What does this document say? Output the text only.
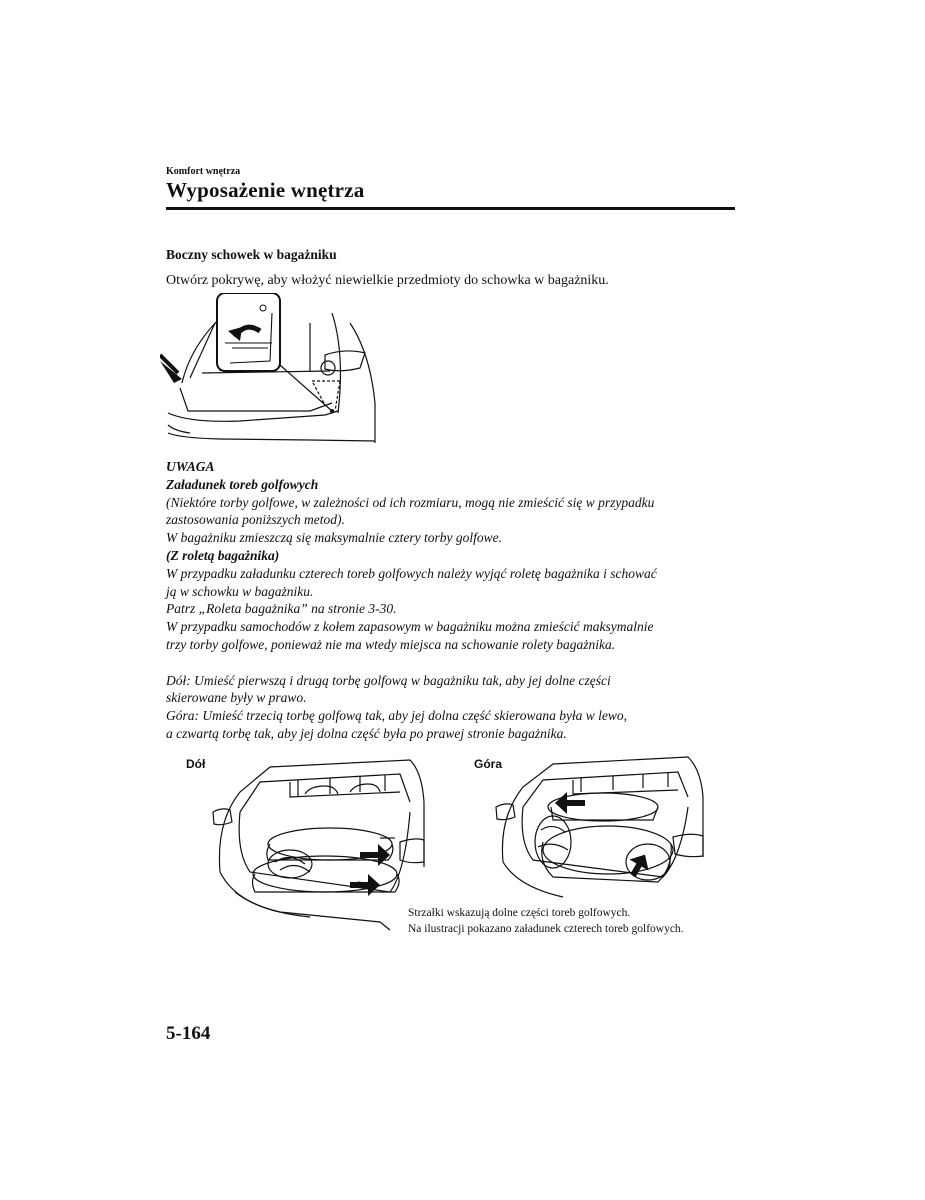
Komfort wnętrza
Wyposażenie wnętrza
Boczny schowek w bagażniku
Otwórz pokrywę, aby włożyć niewielkie przedmioty do schowka w bagażniku.
UWAGA
Załadunek toreb golfowych
(Niektóre torby golfowe, w zależności od ich rozmiaru, mogą nie zmieścić się w przypadku
zastosowania poniższych metod).
W bagażniku zmieszczą się maksymalnie cztery torby golfowe.
(Z roletą bagażnika)
W przypadku załadunku czterech toreb golfowych należy wyjąć roletę bagażnika i schować
ją w schowku w bagażniku.
Patrz „Roleta bagażnika” na stronie 3-30.
W przypadku samochodów z kołem zapasowym w bagażniku można zmieścić maksymalnie
trzy torby golfowe, ponieważ nie ma wtedy miejsca na schowanie rolety bagażnika.
Dół: Umieść pierwszą i drugą torbę golfową w bagażniku tak, aby jej dolne części
skierowane były w prawo.
Góra: Umieść trzecią torbę golfową tak, aby jej dolna część skierowana była w lewo,
a czwartą torbę tak, aby jej dolna część była po prawej stronie bagażnika.
Dół	Góra
Strzałki wskazują dolne części toreb golfowych.
Na ilustracji pokazano załadunek czterech toreb golfowych.
5-164
